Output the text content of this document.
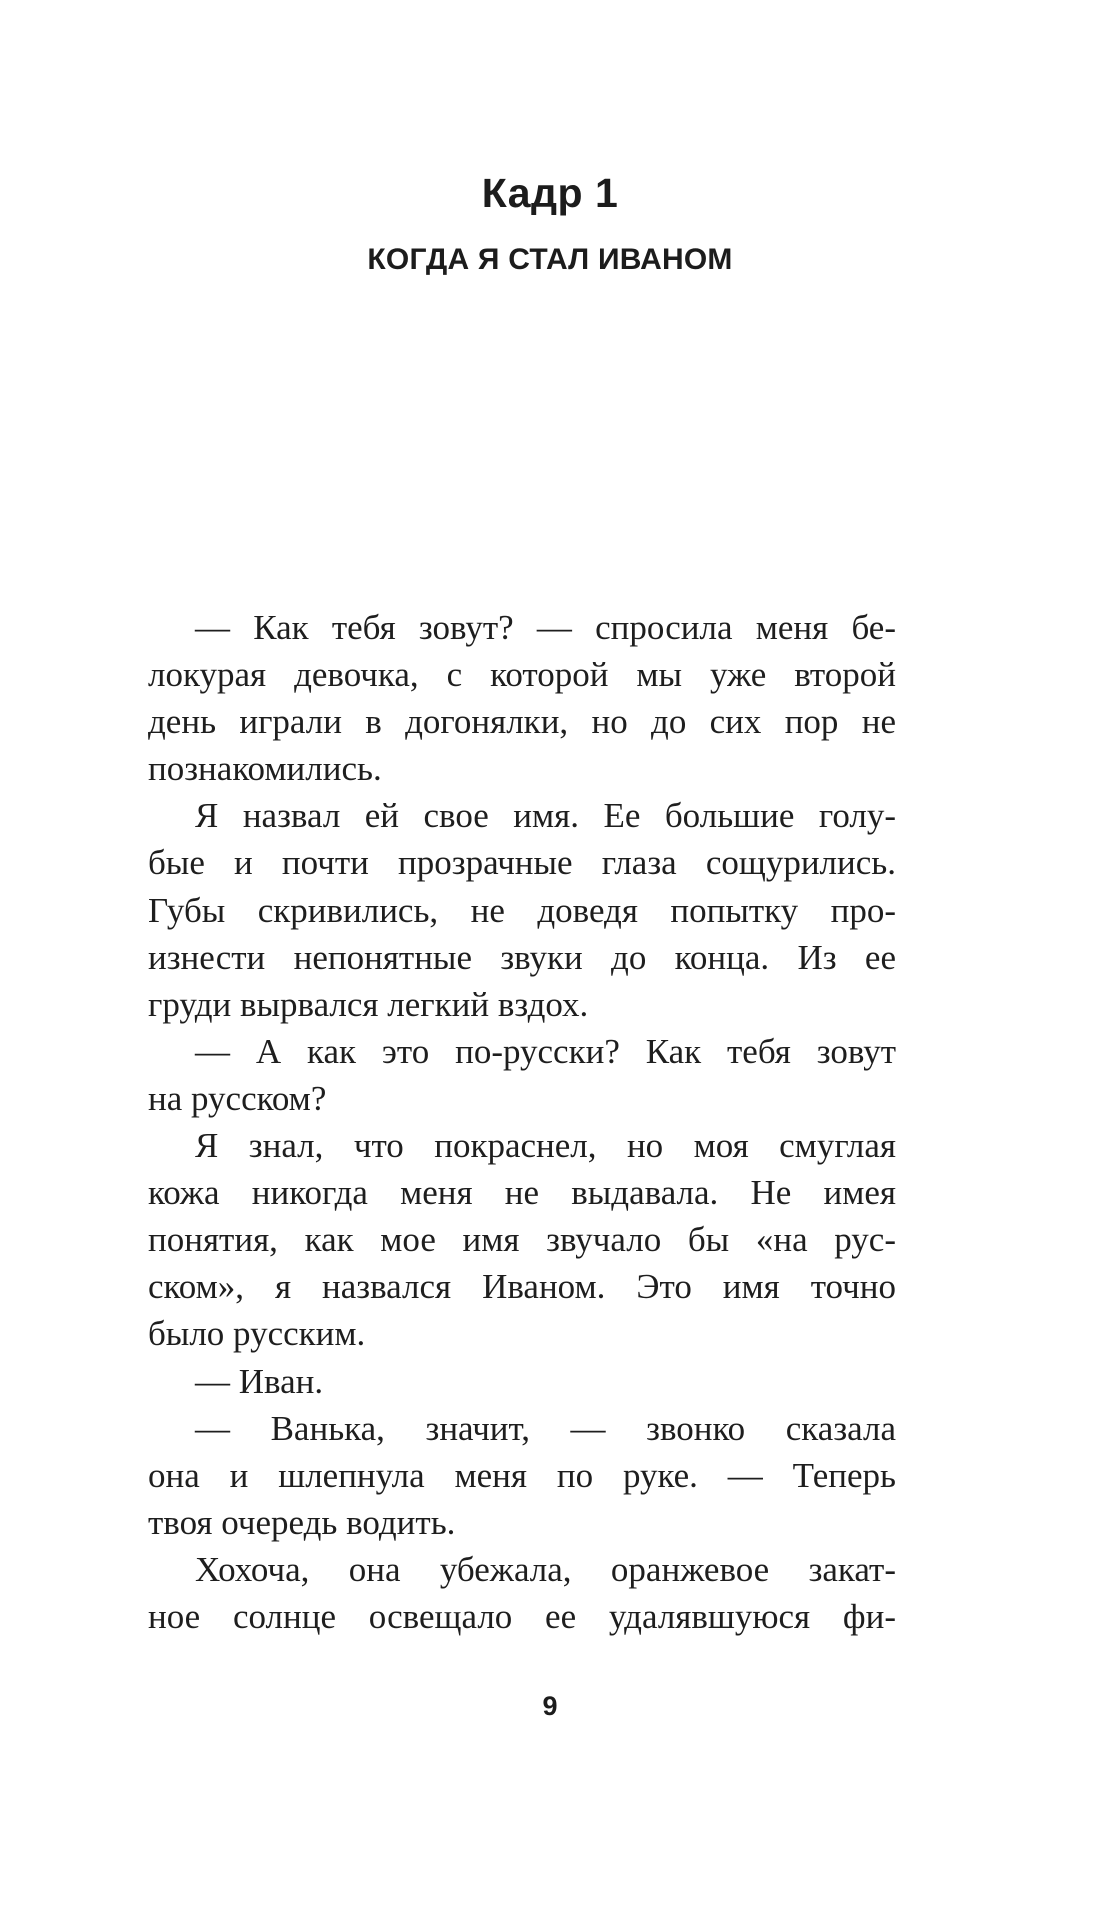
Кадр 1
КОГДА Я СТАЛ ИВАНОМ
— Как тебя зовут? — спросила меня бе-
локурая девочка, с которой мы уже второй
день играли в догонялки, но до сих пор не
познакомились.
Я назвал ей свое имя. Ее большие голу-
бые и почти прозрачные глаза сощурились.
Губы скривились, не доведя попытку про-
изнести непонятные звуки до конца. Из ее
груди вырвался легкий вздох.
— А как это по-русски? Как тебя зовут
на русском?
Я знал, что покраснел, но моя смуглая
кожа никогда меня не выдавала. Не имея
понятия, как мое имя звучало бы «на рус-
ском», я назвался Иваном. Это имя точно
было русским.
— Иван.
— Ванька, значит, — звонко сказала
она и шлепнула меня по руке. — Теперь
твоя очередь водить.
Хохоча, она убежала, оранжевое закат-
ное солнце освещало ее удалявшуюся фи-
9
